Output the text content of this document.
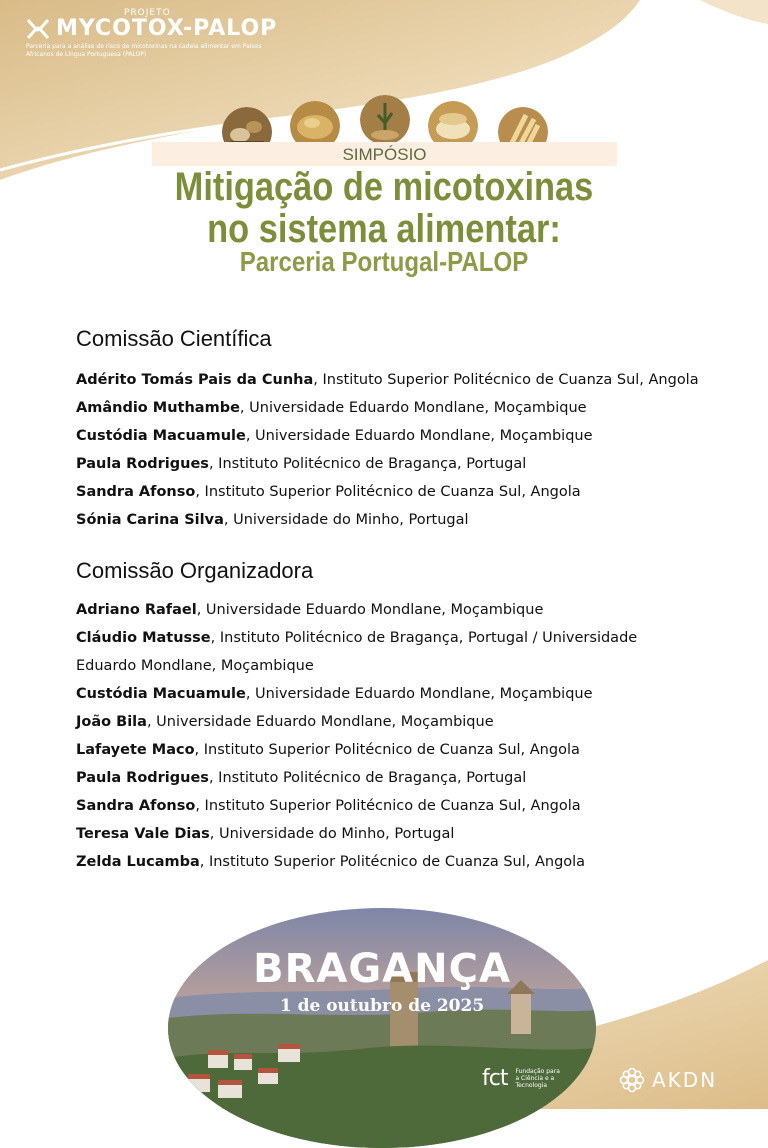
PROJETO
MYCOTOX-PALOP
Parceria para a análise de risco de micotoxinas na cadeia alimentar em Países Africanos de Língua Portuguesa (PALOP)
SIMPÓSIO
Mitigação de micotoxinas
no sistema alimentar:
Parceria Portugal-PALOP
Comissão Científica
Adérito Tomás Pais da Cunha, Instituto Superior Politécnico de Cuanza Sul, Angola
Amândio Muthambe, Universidade Eduardo Mondlane, Moçambique
Custódia Macuamule, Universidade Eduardo Mondlane, Moçambique
Paula Rodrigues, Instituto Politécnico de Bragança, Portugal
Sandra Afonso, Instituto Superior Politécnico de Cuanza Sul, Angola
Sónia Carina Silva, Universidade do Minho, Portugal
Comissão Organizadora
Adriano Rafael, Universidade Eduardo Mondlane, Moçambique
Cláudio Matusse, Instituto Politécnico de Bragança, Portugal / Universidade Eduardo Mondlane, Moçambique
Custódia Macuamule, Universidade Eduardo Mondlane, Moçambique
João Bila, Universidade Eduardo Mondlane, Moçambique
Lafayete Maco, Instituto Superior Politécnico de Cuanza Sul, Angola
Paula Rodrigues, Instituto Politécnico de Bragança, Portugal
Sandra Afonso, Instituto Superior Politécnico de Cuanza Sul, Angola
Teresa Vale Dias, Universidade do Minho, Portugal
Zelda Lucamba, Instituto Superior Politécnico de Cuanza Sul, Angola
BRAGANÇA
1 de outubro de 2025
fct Fundação para a Ciência e a Tecnologia	AKDN
